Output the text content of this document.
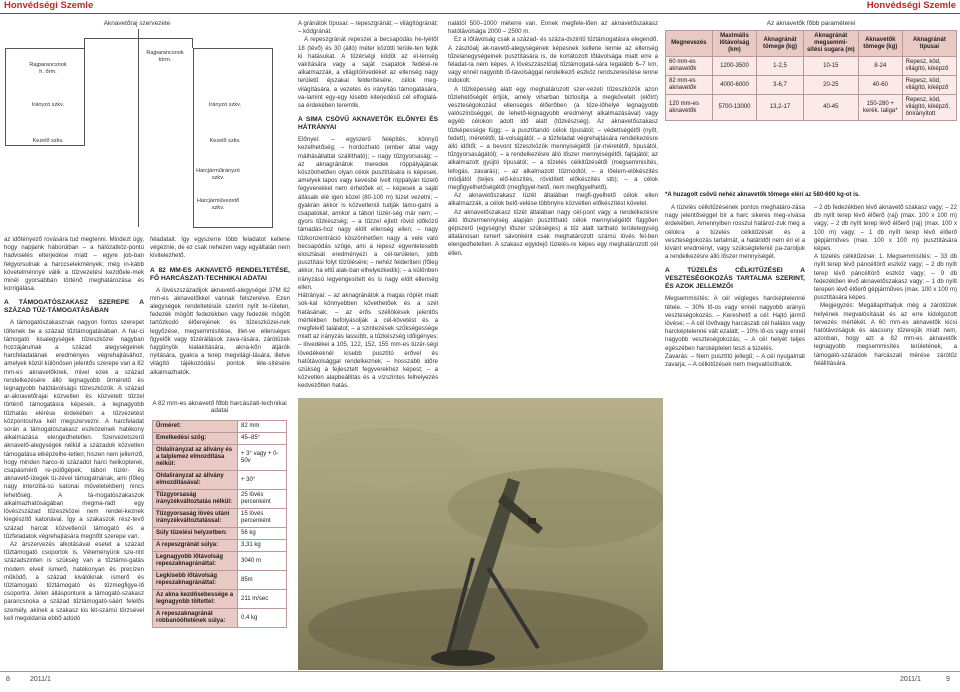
Honvédségi Szemle	Honvédségi Szemle
Aknavetőraj szervezete
Rajparancsnok h. őrm.
Irányzó szkv.
Kezelő szkv.
Rajparancsnok törm.
Irányzó szkv.
Kezelő szkv.
Harcjárműirányzó szkv.
Harcjárművezető szkv.

az időtényező rovására tud megtenni. Mindezt úgy, hogy napjaink háborúiban – a hálózatköz-pontú hadviselés elterjedése miatt – egyre job-ban felgyorsulnak a harccselekmények; még in-kább követelménnyé válik a tűzvezetési kezdőele-mek minél gyorsabban történő meghatározása és korrigálása.

A TÁMOGATÓSZAKASZ SZEREPE A SZÁZAD TŰZ-TÁMOGATÁSÁBAN

A támogatószakasznak nagyon fontos szerepet töltenek be a század tűztámogatásában. A har-ci támogató kisalegységek tűzeszközei nagyban hozzájárulnak a század alegységeinek harcfeladatának eredményes végrehajtásához, amelyek közül különösen jelentős szerepe van a 82 mm-es aknavetőknek, mivel ezek a század rendelkezésére álló legnagyobb űrméretű és legnagyobb hatótávolságú tűzeszközök. A század ar-aknavetőrajai közvetlen és közvetett tűzzel történő támogatásra képesek, a legnagyobb tűzhatás elérése érdekében a tűzvezetést központosítva kell megszervezni. A harcfeladat során a támogatószakasz eszközeinek hatékony alkalmazása elengedhetetlen. Szervezetszerű aknavető-alegységek nélkül a századok közvetlen támogatása elképzelhe-tetlen; hiszen nem jellemző, hogy minden harco-ló századot harci helikopterek, csapásmérő re-pülőgépek, tábori tüzér- és aknavető-ütegek tü-zével támogatnának, ami (főleg nagy intenzitá-sú katonai műveletekben) nincs lehetőség. A tá-mogatószakaszok alkalmazhatóságában megma-radt egy lövészszázad tűzeszközei nem rendel-keznek kiegészítő katonával. Így a szakaszok rész-tevő század harcát közvetlenül támogató és a tűzfeladatok végrehajtására megnőtt szerepe van.

Az árszervezés alkotásával esetet a század tűztámogató csoportok is. Véleményünk sze-rint századszinten is szükség van a tűztámo-gatás modern elveit ismerő, hatékonyan és precízen működő, a század kiválóknak ismerő és tűztámogató tűztámogató és tűzmegfigye-lő csoportra. Jelen álláspontunk a támogató-szakasz parancsnoka a század tűztámogató-sáért felelős személy, akinek a szakasz kis lét-számú törzsével kell megoldania ebbő adódó

feladatait. Így egyszerre több feladatot kellene végeznie, de ez csak nehezen vagy egyáltalán nem kivitelezhető.

A 82 MM-ES AKNAVETŐ RENDELTETÉSE, FŐ HARCÁSZATI-TECHNIKAI ADATAI

A lövészszázadijok aknavető-alegységei 37M 82 mm-es aknavetőkkel vannak felszerelve. Ezen alegységek rendeltetésük szerint nyílt te-rületen, fedezék mögött fedezékben vagy fedezék mögött tartózkodó élőerejének és tűzeszközei-nek legyőzése, megsemmisítése, illet-ve ellenséges figyelők vagy tűzérállások zava-rására, zárótüzek fuggönyök kialakítására, akna-kőn átjárók nyitására, gyakra a terep megvilágí-tására, illetve világító tájékozódási pontok léte-sítésére alkalmazhatók.

A 82 mm-es aknavető főbb harcászati-technikai adatai
Űrméret:	82 mm
Emelkedési szög:	45–85°
Oldalirányzat az állvány és a talplemez elmozdítása nélkül:	+ 3° vagy + 0-50v
Oldalirányzat az állvány elmozdításával:	+ 30°
Tűzgyorsaság irányzékváltoztatás nélkül:	25 lövés percenként
Tűzgyorsaság lövés utáni irányzékváltoztatással:	15 lövés percenként
Súly tüzelési helyzetben:	56 kg
A repeszgránát súlya:	3,31 kg
Legnagyobb lőtávolság repeszaknagránáttal:	3040 m
Legkisebb lőtávolság repeszaknagránáttal:	85m
Az akna kezdősebessége a legnagyobb töltettel:	211 m/sec
A repeszaknagránát robbanóöltetének súlya:	0,4 kg

A gránátok típusai: – repeszgránát; – világítógránát; – ködgránát.

A repeszgránát repeszei a becsapódás he-lyétől 18 (tévő) és 30 (álló) méter közötti terüle-ten fejtik ki hatásukat. A tűzérségi ködöt az el-lenség vakítására vagy a saját csapatok fedésé-re alkalmazzák, a világítóövedéket az ellenség nagy területű éjszakai felderítésére, célok meg-világítására, a vezetés és irányítás támogatására, va-lamint egy-egy kisebb kiterjedésű cél elfoglalá-sa érdekében teremtik.

A SIMA CSÖVŰ AKNAVETŐK ELŐNYEI ÉS HÁTRÁNYAI

Előnyei: – egyszerű felépítés, könnyű kezelhetőség; – hordozható (ember által vagy málhásállattal szállítható); – nagy tűzgyorsaság; – az aknagránátok meredek röppályájának köszönhetően olyan célok pusztítására is képesek, amelyek lapos vagy kevésbé ívelt röppályán tüzelő fegyverekkel nem érhetőek el; – képesek a saját állásaik elé igen közel (80-100 m) tüzet vezetni; – gyakran akkor is közvetlenül tudják támo-gatni a csapatokat, amikor a tábori tüzér-ség már nem; – gyors tűzkészség; – a tűzzel ejtett rövid időközű támadás-hoz nagy elölt ellenség ellen; – nagy tűzkonzentráció köszönhetően nagy a vele való becsapódás szöge, ami a repesz egyenletesebb eloszlását eredményezi a cél-területen, jobb pusztítási folyt tűzölésére; – nehéz felderíteni (főleg akkor, ha eltű alak-ban elhelyezkedik); – a különben irányzású legyengesített és is nagy elölt ellenség ellen.

Hátrányai: – az aknagránátok a magas röpíét miatt sok-kal könnyebben követhetőek és a szél hatásának; – az erős széllökések jelentős mértékben befolyásolják a cél-követést és a megfelelő találatot; – a szintezések szűkségessége miatt az irányzás lassúbb, a tűzkészség időigényes; – lövedékei a 105, 122, 152, 155 mm-es tüzér-ségi lövedékeknél kisebb pusztító erővel és hatótávolsággal rendelkeznek; – hosszabb időre szükség a fejlesztett fegyverekhez képest; – a közvetlen alapbeállítás és a vízszintes felhelyezés kedvezőtlen hatás.

nalától 500–1000 méterre van. Ennek megfele-lően az aknavetőszakasz hatótávolsága 2000 – 2500 m.

Ez a lőtávolság csak a század- és száza-dszintű tűztámogatásra elegendő. A zászlóalj ak-navető-alegységének képesnek kellene lennie az ellenség tűzelanegységeinek pusztítására is, de korlátozott lőtávolsága miatt erre a feladat-ra nem képes. A lövészzászlóalj tűztámogatá-sára legalább 6–7 km, vagy ennél nagyobb lő-távolsággal rendelkező eszköz rendszeresítése lenne indokolt.

A tűzképesség alatt egy meghatározott szer-vezeti tűzeszközök azon tűzlehetőségét értjük, amely viharban biztosítja a megkövetelt (előírt) veszteségokozást ellenséges élőerőben (a tűze-lőhelyé legnagyobb valószínűséggel, de lehető-legnagyobb eredményt alkalmazásával) vagy egyéb célokon adott idő alatt (tűzkészség). Az aknavetőszakasz tűzképessége függ: – a pusztítandó célok típusától; – védettségétől (nyílt, fedett), méretétől, tá-volságától; – a tűzfeladat végrehajtására rendelkezésre álló időtől; – a bevont tűzeszközök mennyiségétől (ür-méretétől, típusától, tűzgyorsaságától); – a rendelkezésre álló lőszer mennyiségétől, fajtájától; az alkalmazott gyújtó típusától; – a tűzelés célkitűzésétől (megsemmisítés, lefogás, zavarás); – az alkalmazott tűzmódtól; – a lőelem-elökészités módjától (teljes elő-készítés, rövidített előkészítés stb); – a célok megfigyelhetőségétől (megfigyel-hető, nem megfigyelhető).

Az aknavetőszakasz tüzét általában megfi-gyelhető célok ellen alkalmazzák, a célok belő-velése többnyire közvetlen előkészítést követel.

Az aknavetőszakasz tűzét általában nagy cél-pont vagy a rendelkezésre álló lőszermennyiség alapján pusztítható célok mennyiségétől függően gépszerű (egységnyi lőszer szükséges) a tűz alatt tartható területegység általánosan ismert sávonként csak meghatározott számú lövés fel-ben elengedhetetlen. A szakasz egyidejű tüzelés-re képes egy meghatározott cél ellen.

Az aknavetők főbb paraméterei
Megnevezés	Maximális lőtávolság (km)	Aknagránát tömege (kg)	Aknagránát megsemmi-sítési sugara (m)	Aknavetők tömege (kg)	Aknagránát típusai
60 mm-es aknavetők	1200-3500	1-2,5	10-15	8-24	Repesz, köd, világító, kiképző
82 mm-es aknavetők	4000-6000	3-6,7	20-25	40-60	Repesz, köd, világító, kiképző
120 mm-es aknavetők	5700-13000	13,2-17	40-45	150-280 + kerék. taliga*	Repesz, köd, világító, kiképző, önirányított
*A huzagolt csövű nehéz aknavetők tömege elérí az 580-600 kg-ot is.

A tüzelés célkitűzésének pontos meghatáro-zása nagy jelentőséggel bír a harc sikeres meg-vívása érdekében. Amennyiben rosszul határoz-zuk meg a célokra a tüzelés célkitűzését és a veszteségokozás tartalmát, a határidőt nem éri el a kívánt eredményt, vagy szükségtelenül pa-zaroljuk a rendelkezésre álló lőszer mennyiségét.

A TÜZELÉS CÉLKITŰZÉSEI A VESZTESÉGOKOZÁS TARTALMA SZERINT, ÉS AZOK JELLEMZŐI

Megsemmisítés: A cél végleges harcképtelenné tétele. – 30% lő-os vagy ennél nagyobb arányú veszteségokozás. – Kereshető a cél: Hajtó jármű lövése; – A cél lövővagy harcászati cél halálos vagy harcképtelenné vált ezalatt; – 10% lő-os vagy ennél nagyobb veszteségokozás; – A cél helyét teljes egészében harcképtelen teszi a tüzelés.

Zavarás: – Nem pusztító jellegű; – A cél nyugalmát zavarja; – A célkitűzések nem megvalósíthatók.

– 2 db fedezékben lévő aknavető szakasz vagy; – 22 db nyílt terep lévő élőerő (raj) (max. 100 x 100 m) vagy; – 2 db nyílt terep lévő élőerő (raj) (max. 100 x 100 m) vagy; – 1 db nyílt terep lévő élőerő gépjárműves (max. 100 x 100 m) pusztítására képes.

A tüzelés célkitűzései: 1. Megsemmisítés: – 33 db nyílt terep lévő páncéltörő eszköz vagy; – 2 db nyílt terep lévő páncéltörő eszköz vagy; – 9 db fedezékben lévő aknavetőszakasz vagy; – 1 db nyílt terepen lévő élőerő gépjárműves (max. 100 x 100 m) pusztítására képes.

Megjegyzés: Megállapíthatjuk még a zárótűzek helyének megvalósítását és az erre kidolgozott tervezés mértékét. A 60 mm-es aknavetők kicsi hatótávolságuk és alacsony tűzerejük miatt nem, azonban, hogy azt a 82 mm-es aknavetők legnagyobb megsemmisítés területének, a támogató-századok harcászati mérése zárótűz felállítására.

8	2011/1	2011/1	9
